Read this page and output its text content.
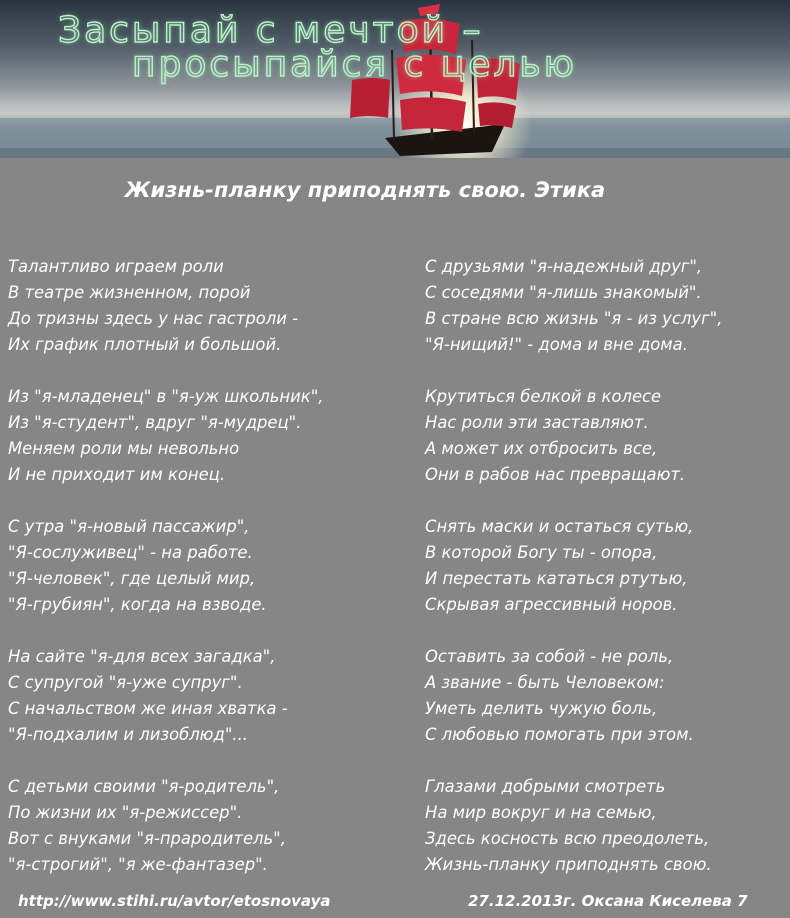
Засыпай с мечтой –
просыпайся с целью
Жизнь-планку приподнять свою. Этика
Талантливо играем роли
В театре жизненном, порой
До тризны здесь у нас гастроли -
Их график плотный и большой.
Из "я-младенец" в "я-уж школьник",
Из "я-студент", вдруг "я-мудрец".
Меняем роли мы невольно
И не приходит им конец.
С утра "я-новый пассажир",
"Я-сослуживец" - на работе.
"Я-человек", где целый мир,
"Я-грубиян", когда на взводе.
На сайте "я-для всех загадка",
С супругой "я-уже супруг".
С начальством же иная хватка -
"Я-подхалим и лизоблюд"...
С детьми своими "я-родитель",
По жизни их "я-режиссер".
Вот с внуками "я-прародитель",
"я-строгий", "я же-фантазер".
С друзьями "я-надежный друг",
С соседями "я-лишь знакомый".
В стране всю жизнь "я - из услуг",
"Я-нищий!" - дома и вне дома.
Крутиться белкой в колесе
Нас роли эти заставляют.
А может их отбросить все,
Они в рабов нас превращают.
Снять маски и остаться сутью,
В которой Богу ты - опора,
И перестать кататься ртутью,
Скрывая агрессивный норов.
Оставить за собой - не роль,
А звание - быть Человеком:
Уметь делить чужую боль,
С любовью помогать при этом.
Глазами добрыми смотреть
На мир вокруг и на семью,
Здесь косность всю преодолеть,
Жизнь-планку приподнять свою.
http://www.stihi.ru/avtor/etosnovaya	27.12.2013г. Оксана Киселева 7
